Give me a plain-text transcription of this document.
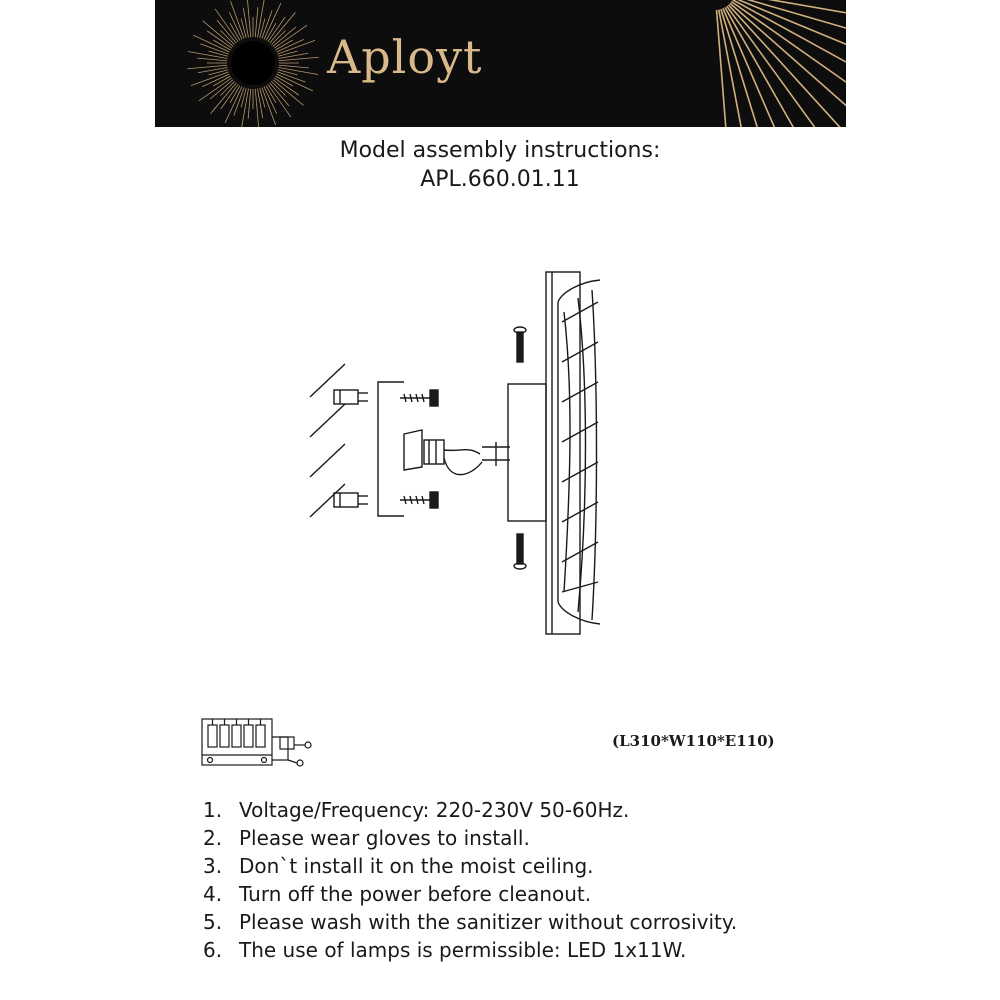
Aployt
Model assembly instructions:
APL.660.01.11
(L310*W110*E110)
1. Voltage/Frequency: 220-230V 50-60Hz.
2. Please wear gloves to install.
3. Don`t install it on the moist ceiling.
4. Turn off the power before cleanout.
5. Please wash with the sanitizer without corrosivity.
6. The use of lamps is permissible: LED 1x11W.
